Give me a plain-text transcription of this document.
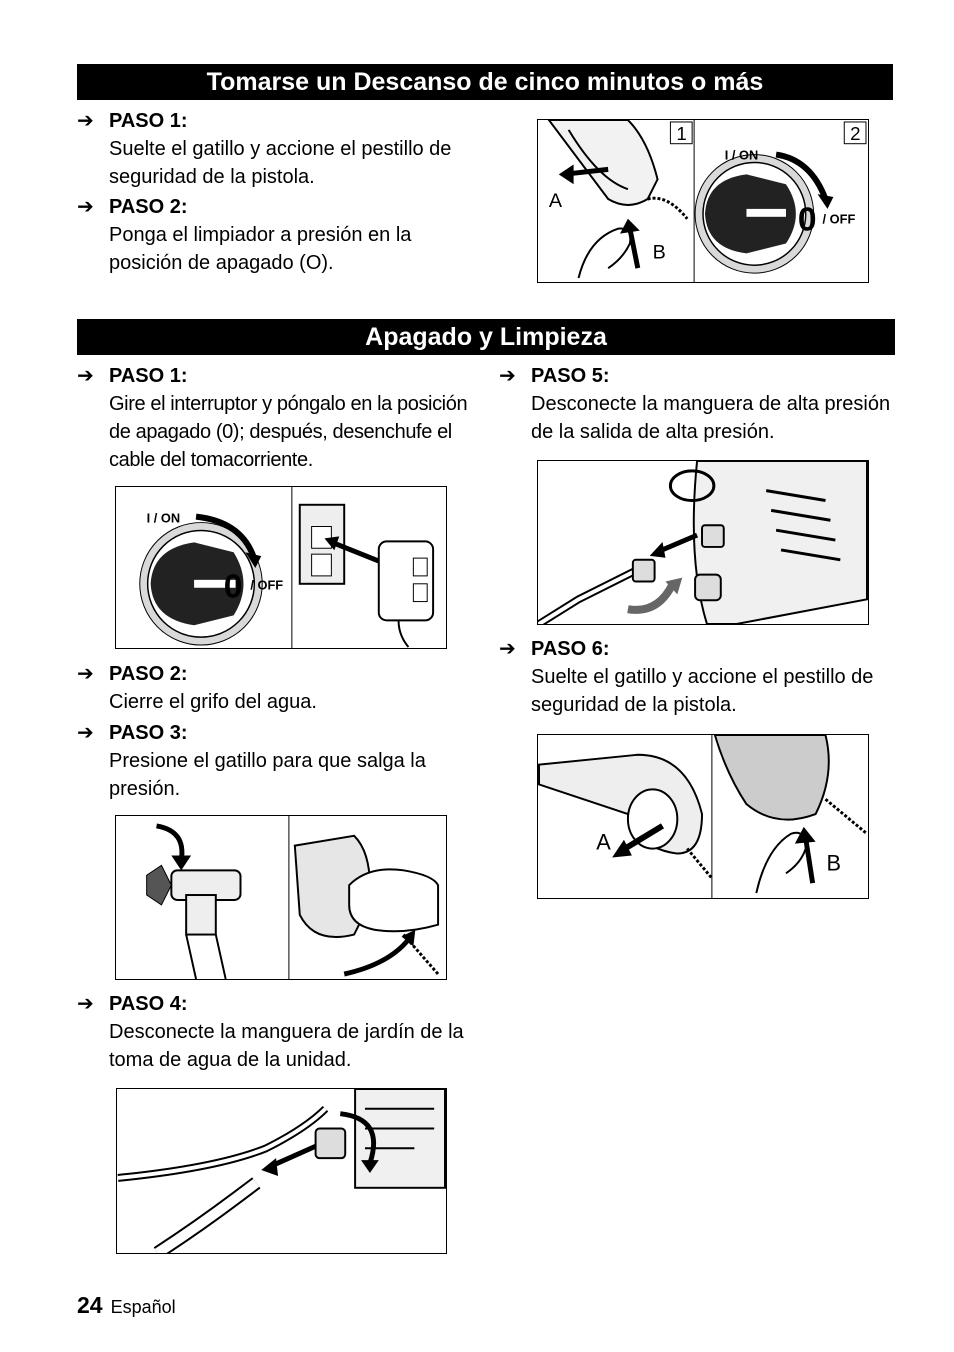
Tomarse un Descanso de cinco minutos o más
➔ PASO 1:
Suelte el gatillo y accione el pestillo de seguridad de la pistola.
➔ PASO 2:
Ponga el limpiador a presión en la posición de apagado (O).
1
A
B
2
I / ON
0 / OFF
Apagado y Limpieza
➔ PASO 1:
Gire el interruptor y póngalo en la posición de apagado (0); después, desenchufe el cable del tomacorriente.
I / ON
0 / OFF
➔ PASO 2:
Cierre el grifo del agua.
➔ PASO 3:
Presione el gatillo para que salga la presión.
➔ PASO 4:
Desconecte la manguera de jardín de la toma de agua de la unidad.
➔ PASO 5:
Desconecte la manguera de alta presión de la salida de alta presión.
➔ PASO 6:
Suelte el gatillo y accione el pestillo de seguridad de la pistola.
A
B
24 Español
